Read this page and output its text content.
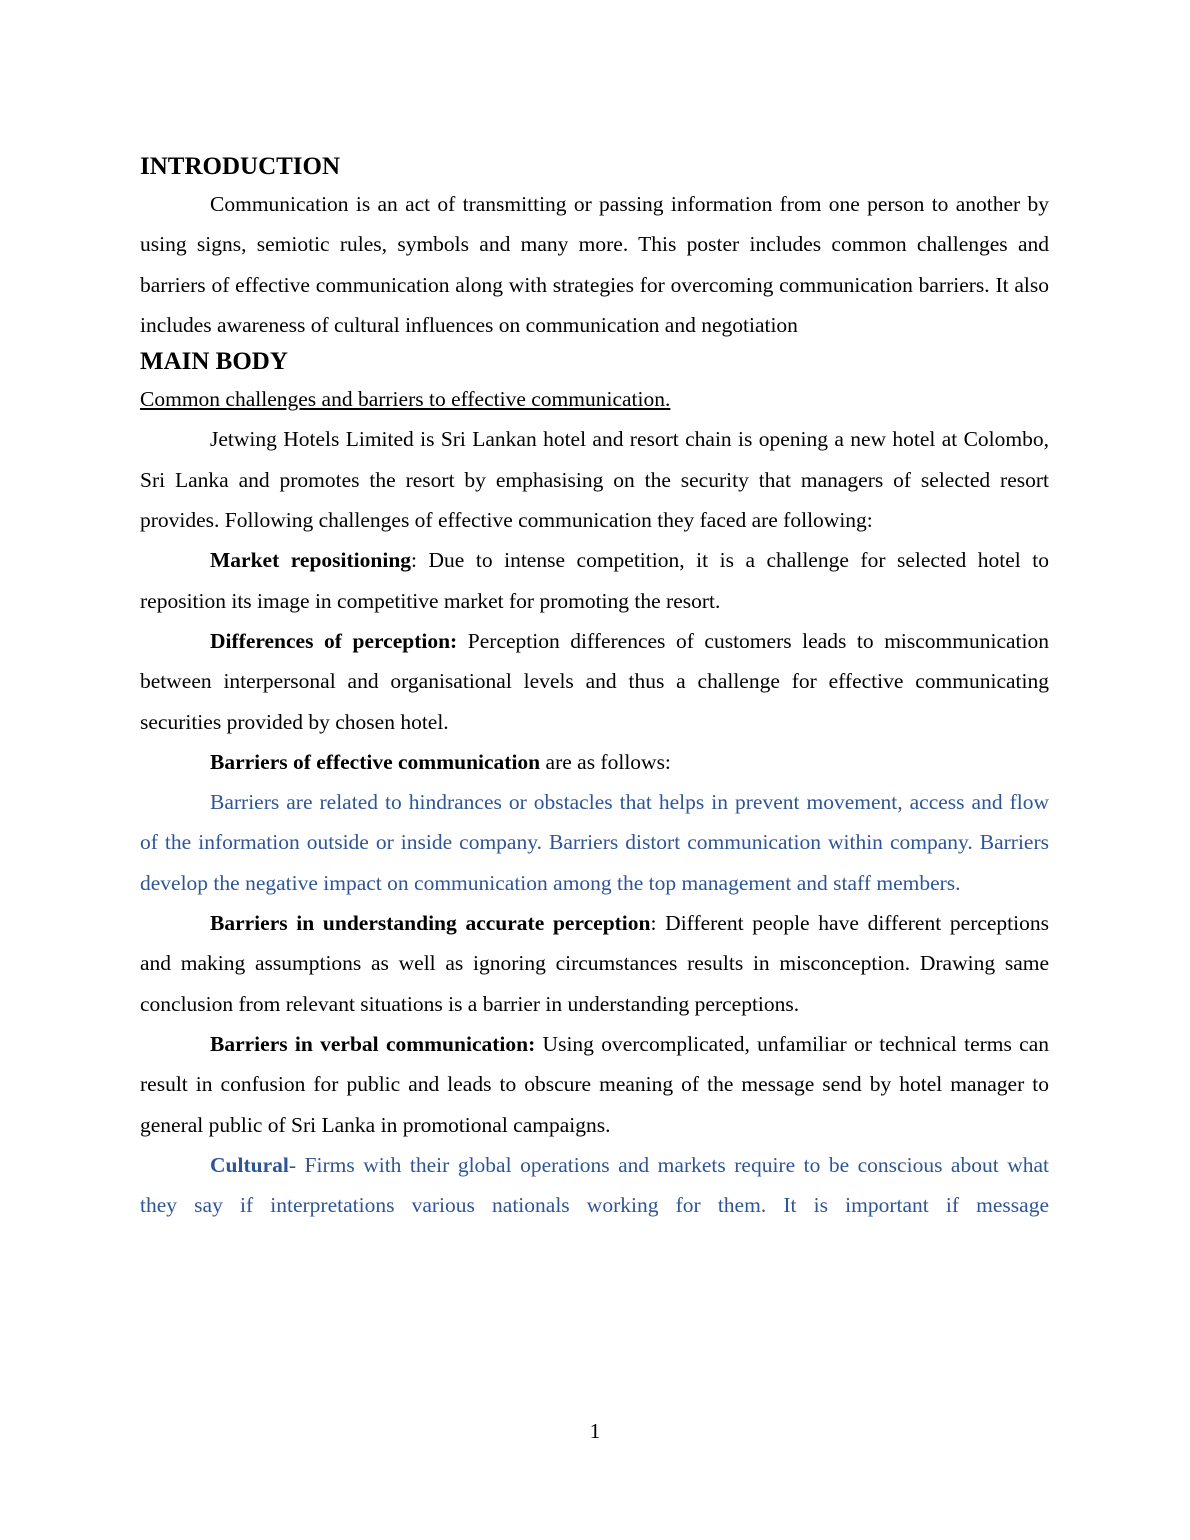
INTRODUCTION

Communication is an act of transmitting or passing information from one person to another by using signs, semiotic rules, symbols and many more. This poster includes common challenges and barriers of effective communication along with strategies for overcoming communication barriers. It also includes awareness of cultural influences on communication and negotiation

MAIN BODY

Common challenges and barriers to effective communication.

Jetwing Hotels Limited is Sri Lankan hotel and resort chain is opening a new hotel at Colombo, Sri Lanka and promotes the resort by emphasising on the security that managers of selected resort provides. Following challenges of effective communication they faced are following:

Market repositioning: Due to intense competition, it is a challenge for selected hotel to reposition its image in competitive market for promoting the resort.

Differences of perception: Perception differences of customers leads to miscommunication between interpersonal and organisational levels and thus a challenge for effective communicating securities provided by chosen hotel.

Barriers of effective communication are as follows:

Barriers are related to hindrances or obstacles that helps in prevent movement, access and flow of the information outside or inside company. Barriers distort communication within company. Barriers develop the negative impact on communication among the top management and staff members.

Barriers in understanding accurate perception: Different people have different perceptions and making assumptions as well as ignoring circumstances results in misconception. Drawing same conclusion from relevant situations is a barrier in understanding perceptions.

Barriers in verbal communication: Using overcomplicated, unfamiliar or technical terms can result in confusion for public and leads to obscure meaning of the message send by hotel manager to general public of Sri Lanka in promotional campaigns.

Cultural- Firms with their global operations and markets require to be conscious about what they say if interpretations various nationals working for them. It is important if message

1
